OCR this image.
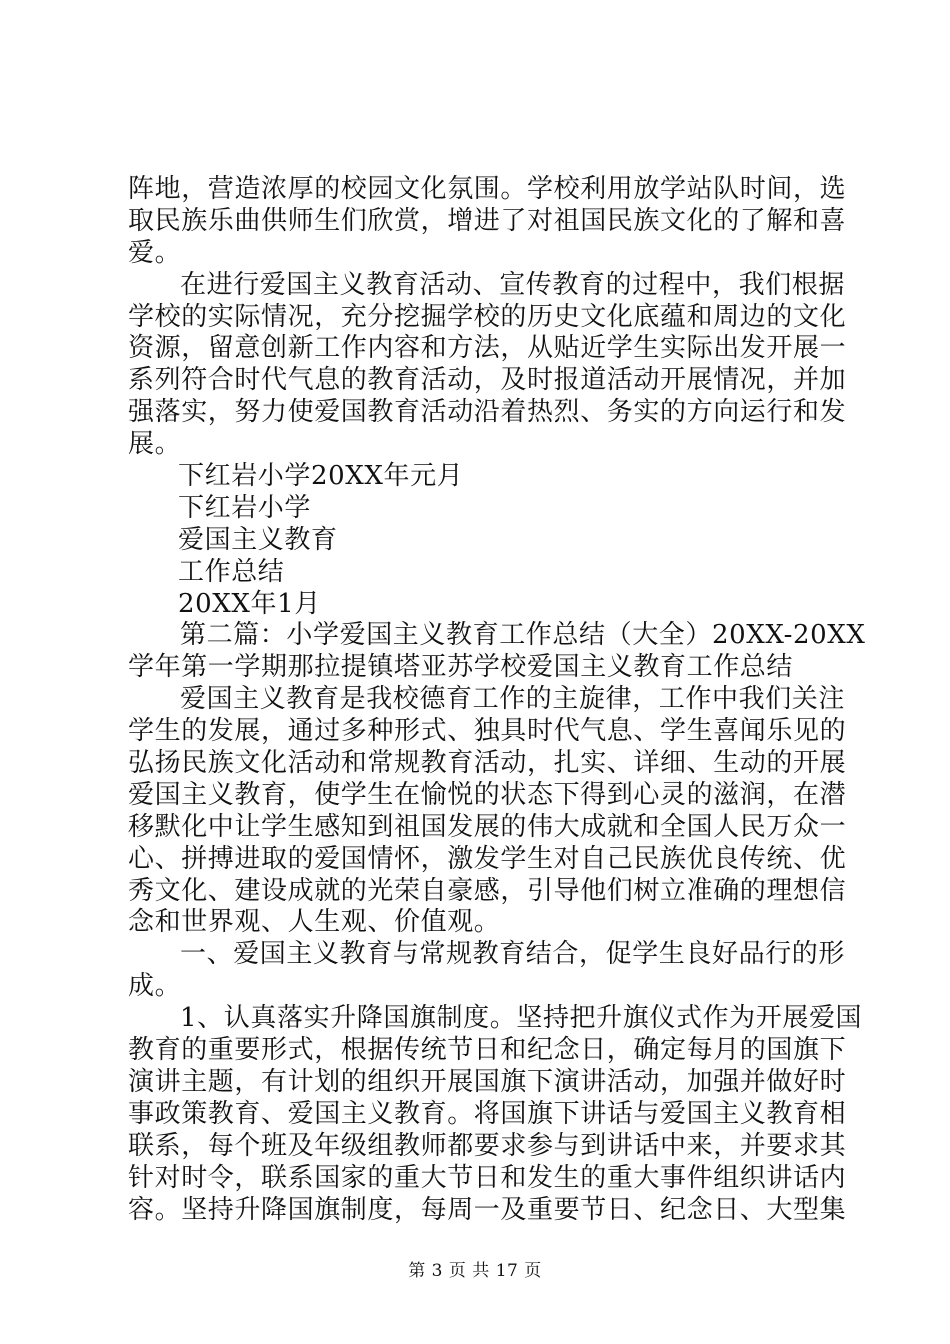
阵地，营造浓厚的校园文化氛围。学校利用放学站队时间，选
取民族乐曲供师生们欣赏，增进了对祖国民族文化的了解和喜
爱。
在进行爱国主义教育活动、宣传教育的过程中，我们根据
学校的实际情况，充分挖掘学校的历史文化底蕴和周边的文化
资源，留意创新工作内容和方法，从贴近学生实际出发开展一
系列符合时代气息的教育活动，及时报道活动开展情况，并加
强落实，努力使爱国教育活动沿着热烈、务实的方向运行和发
展。
下红岩小学20XX年元月
下红岩小学
爱国主义教育
工作总结
20XX年1月
第二篇：小学爱国主义教育工作总结（大全）20XX-20XX
学年第一学期那拉提镇塔亚苏学校爱国主义教育工作总结
爱国主义教育是我校德育工作的主旋律，工作中我们关注
学生的发展，通过多种形式、独具时代气息、学生喜闻乐见的
弘扬民族文化活动和常规教育活动，扎实、详细、生动的开展
爱国主义教育，使学生在愉悦的状态下得到心灵的滋润，在潜
移默化中让学生感知到祖国发展的伟大成就和全国人民万众一
心、拼搏进取的爱国情怀，激发学生对自己民族优良传统、优
秀文化、建设成就的光荣自豪感，引导他们树立准确的理想信
念和世界观、人生观、价值观。
一、爱国主义教育与常规教育结合，促学生良好品行的形
成。
1、认真落实升降国旗制度。坚持把升旗仪式作为开展爱国
教育的重要形式，根据传统节日和纪念日，确定每月的国旗下
演讲主题，有计划的组织开展国旗下演讲活动，加强并做好时
事政策教育、爱国主义教育。将国旗下讲话与爱国主义教育相
联系，每个班及年级组教师都要求参与到讲话中来，并要求其
针对时令，联系国家的重大节日和发生的重大事件组织讲话内
容。坚持升降国旗制度，每周一及重要节日、纪念日、大型集
第 3 页 共 17 页
